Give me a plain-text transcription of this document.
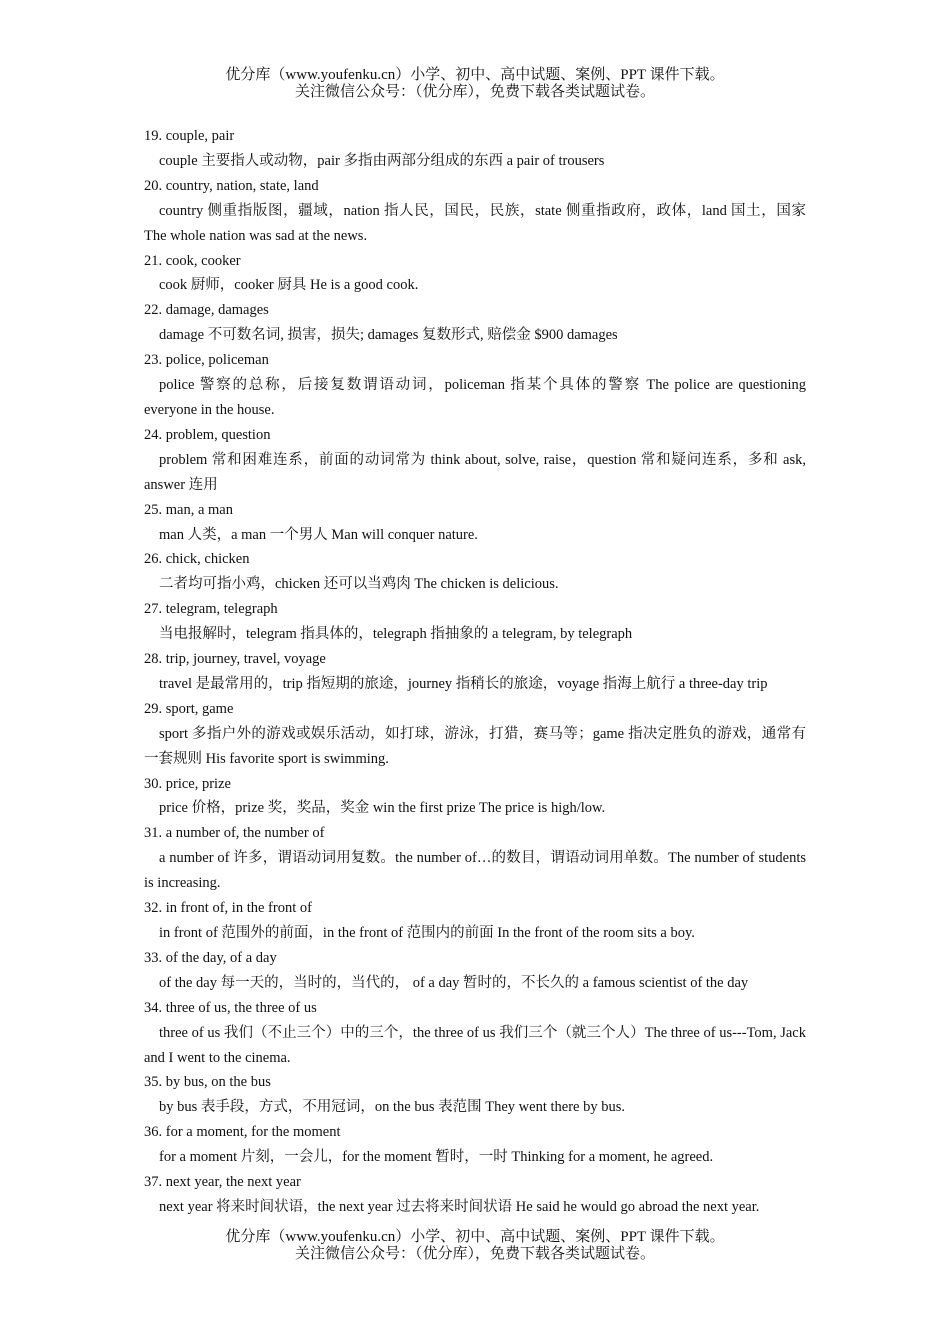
优分库（www.youfenku.cn）小学、初中、高中试题、案例、PPT 课件下载。
关注微信公众号：（优分库），免费下载各类试题试卷。
19. couple, pair
couple 主要指人或动物，pair 多指由两部分组成的东西 a pair of trousers
20. country, nation, state, land
country 侧重指版图，疆域，nation 指人民，国民，民族，state 侧重指政府，政体，land 国土，国家 The whole nation was sad at the news.
21. cook, cooker
cook 厨师，cooker 厨具 He is a good cook.
22. damage, damages
damage 不可数名词, 损害，损失; damages 复数形式, 赔偿金 $900 damages
23. police, policeman
police 警察的总称，后接复数谓语动词，policeman 指某个具体的警察 The police are questioning everyone in the house.
24. problem, question
problem 常和困难连系，前面的动词常为 think about, solve, raise，question 常和疑问连系，多和 ask, answer 连用
25. man, a man
man 人类，a man 一个男人 Man will conquer nature.
26. chick, chicken
二者均可指小鸡，chicken 还可以当鸡肉 The chicken is delicious.
27. telegram, telegraph
当电报解时，telegram 指具体的，telegraph 指抽象的 a telegram, by telegraph
28. trip, journey, travel, voyage
travel 是最常用的，trip 指短期的旅途，journey 指稍长的旅途，voyage 指海上航行 a three-day trip
29. sport, game
sport 多指户外的游戏或娱乐活动，如打球，游泳，打猎，赛马等；game 指决定胜负的游戏，通常有一套规则 His favorite sport is swimming.
30. price, prize
price 价格，prize 奖，奖品，奖金 win the first prize The price is high/low.
31. a number of, the number of
a number of 许多，谓语动词用复数。the number of…的数目，谓语动词用单数。The number of students is increasing.
32. in front of, in the front of
in front of 范围外的前面，in the front of 范围内的前面 In the front of the room sits a boy.
33. of the day, of a day
of the day 每一天的，当时的，当代的， of a day 暂时的，不长久的 a famous scientist of the day
34. three of us, the three of us
three of us 我们（不止三个）中的三个，the three of us 我们三个（就三个人）The three of us---Tom, Jack and I went to the cinema.
35. by bus, on the bus
by bus 表手段，方式，不用冠词，on the bus 表范围 They went there by bus.
36. for a moment, for the moment
for a moment 片刻，一会儿，for the moment 暂时，一时 Thinking for a moment, he agreed.
37. next year, the next year
next year 将来时间状语，the next year 过去将来时间状语 He said he would go abroad the next year.
优分库（www.youfenku.cn）小学、初中、高中试题、案例、PPT 课件下载。
关注微信公众号：（优分库），免费下载各类试题试卷。
